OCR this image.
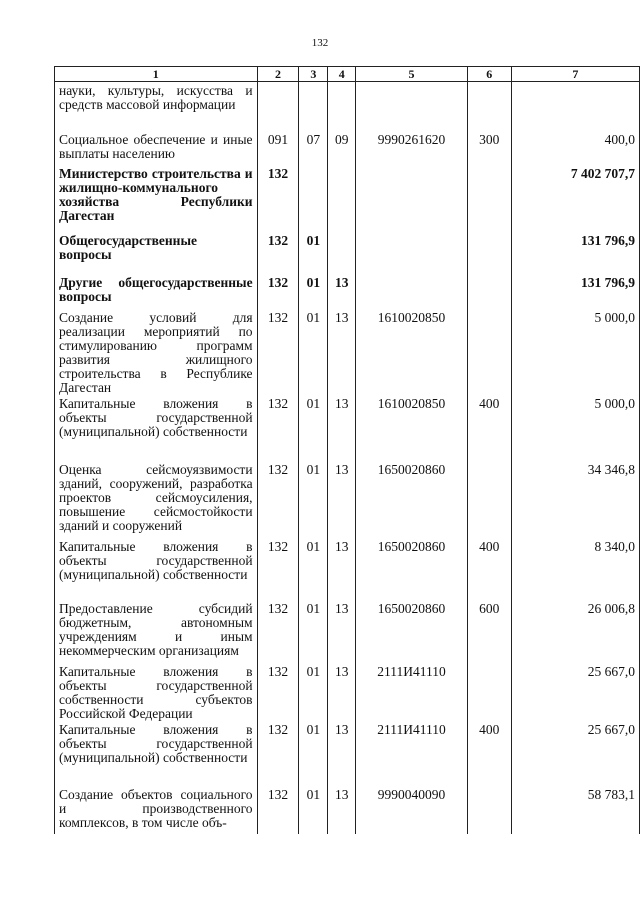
132
1	2	3	4	5	6	7
науки, культуры, искусства и средств массовой информации						
Социальное обеспечение и иные выплаты населению	091	07	09	9990261620	300	400,0
Министерство строительства и жилищно-коммунального хозяйства Республики Дагестан	132					7 402 707,7
Общегосударственные вопросы	132	01				131 796,9
Другие общегосударственные вопросы	132	01	13			131 796,9
Создание условий для реализации мероприятий по стимулированию программ развития жилищного строительства в Республике Дагестан	132	01	13	1610020850		5 000,0
Капитальные вложения в объекты государственной (муниципальной) собственности	132	01	13	1610020850	400	5 000,0
Оценка сейсмоуязвимости зданий, сооружений, разработка проектов сейсмоусиления, повышение сейсмостойкости зданий и сооружений	132	01	13	1650020860		34 346,8
Капитальные вложения в объекты государственной (муниципальной) собственности	132	01	13	1650020860	400	8 340,0
Предоставление субсидий бюджетным, автономным учреждениям и иным некоммерческим организациям	132	01	13	1650020860	600	26 006,8
Капитальные вложения в объекты государственной собственности субъектов Российской Федерации	132	01	13	2111И41110		25 667,0
Капитальные вложения в объекты государственной (муниципальной) собственности	132	01	13	2111И41110	400	25 667,0
Создание объектов социального и производственного комплексов, в том числе объ-	132	01	13	9990040090		58 783,1
